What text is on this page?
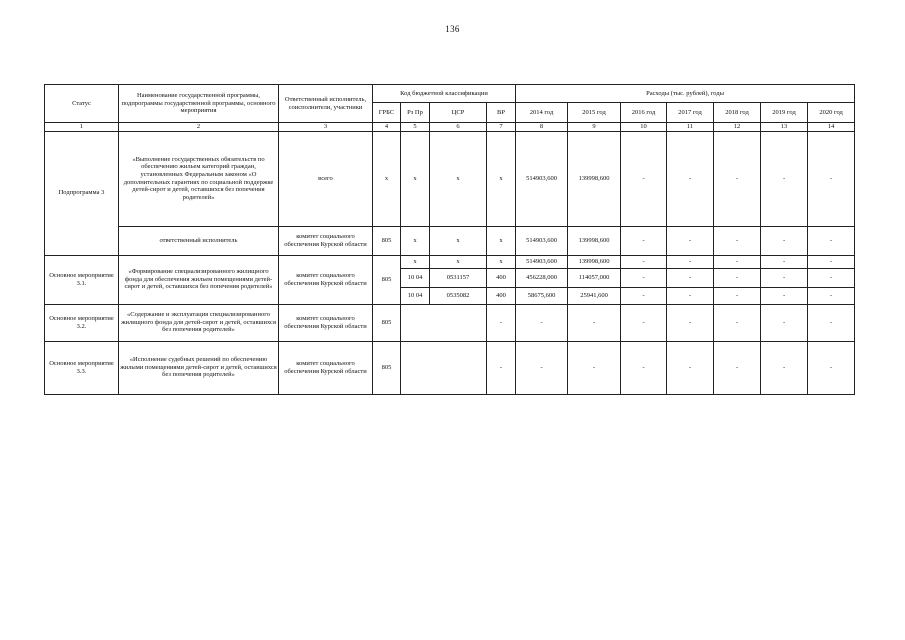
136
Статус	Наименование государственной программы, подпрограммы государственной программы, основного мероприятия	Ответственный исполнитель, соисполнители, участники	Код бюджетной классификации				Расходы (тыс. рублей), годы						
			ГРБС	Рз Пр	ЦСР	ВР	2014 год	2015 год	2016 год	2017 год	2018 год	2019 год	2020 год
1	2	3	4	5	6	7	8	9	10	11	12	13	14
Подпрограмма 3	«Выполнение государственных обязательств по обеспечению жильем категорий граждан, установленных Федеральным законом «О дополнительных гарантиях по социальной поддержке детей-сирот и детей, оставшихся без попечения родителей»	всего	х	х	х	х	514903,600	139998,600	-	-	-	-	-
	ответственный исполнитель	комитет социального обеспечения Курской области	805	х	х	х	514903,600	139998,600	-	-	-	-	-
Основное мероприятие 3.1.	«Формирование специализированного жилищного фонда для обеспечения жильем помещениями детей-сирот и детей, оставшихся без попечения родителей»	комитет социального обеспечения Курской области	805	х	х	х	514903,600	139998,600	-	-	-	-	-
				10 04	0531157	400	456228,000	114057,000	-	-	-	-	-
				10 04	0535082	400	58675,600	25941,600	-	-	-	-	-
Основное мероприятие 3.2.	«Содержание и эксплуатация специализированного жилищного фонда для детей-сирот и детей, оставшихся без попечения родителей»	комитет социального обеспечения Курской области	805			-	-	-	-	-	-	-	-
Основное мероприятие 3.3.	«Исполнение судебных решений по обеспечению жилыми помещениями детей-сирот и детей, оставшихся без попечения родителей»	комитет социального обеспечения Курской области	805			-	-	-	-	-	-	-	-
